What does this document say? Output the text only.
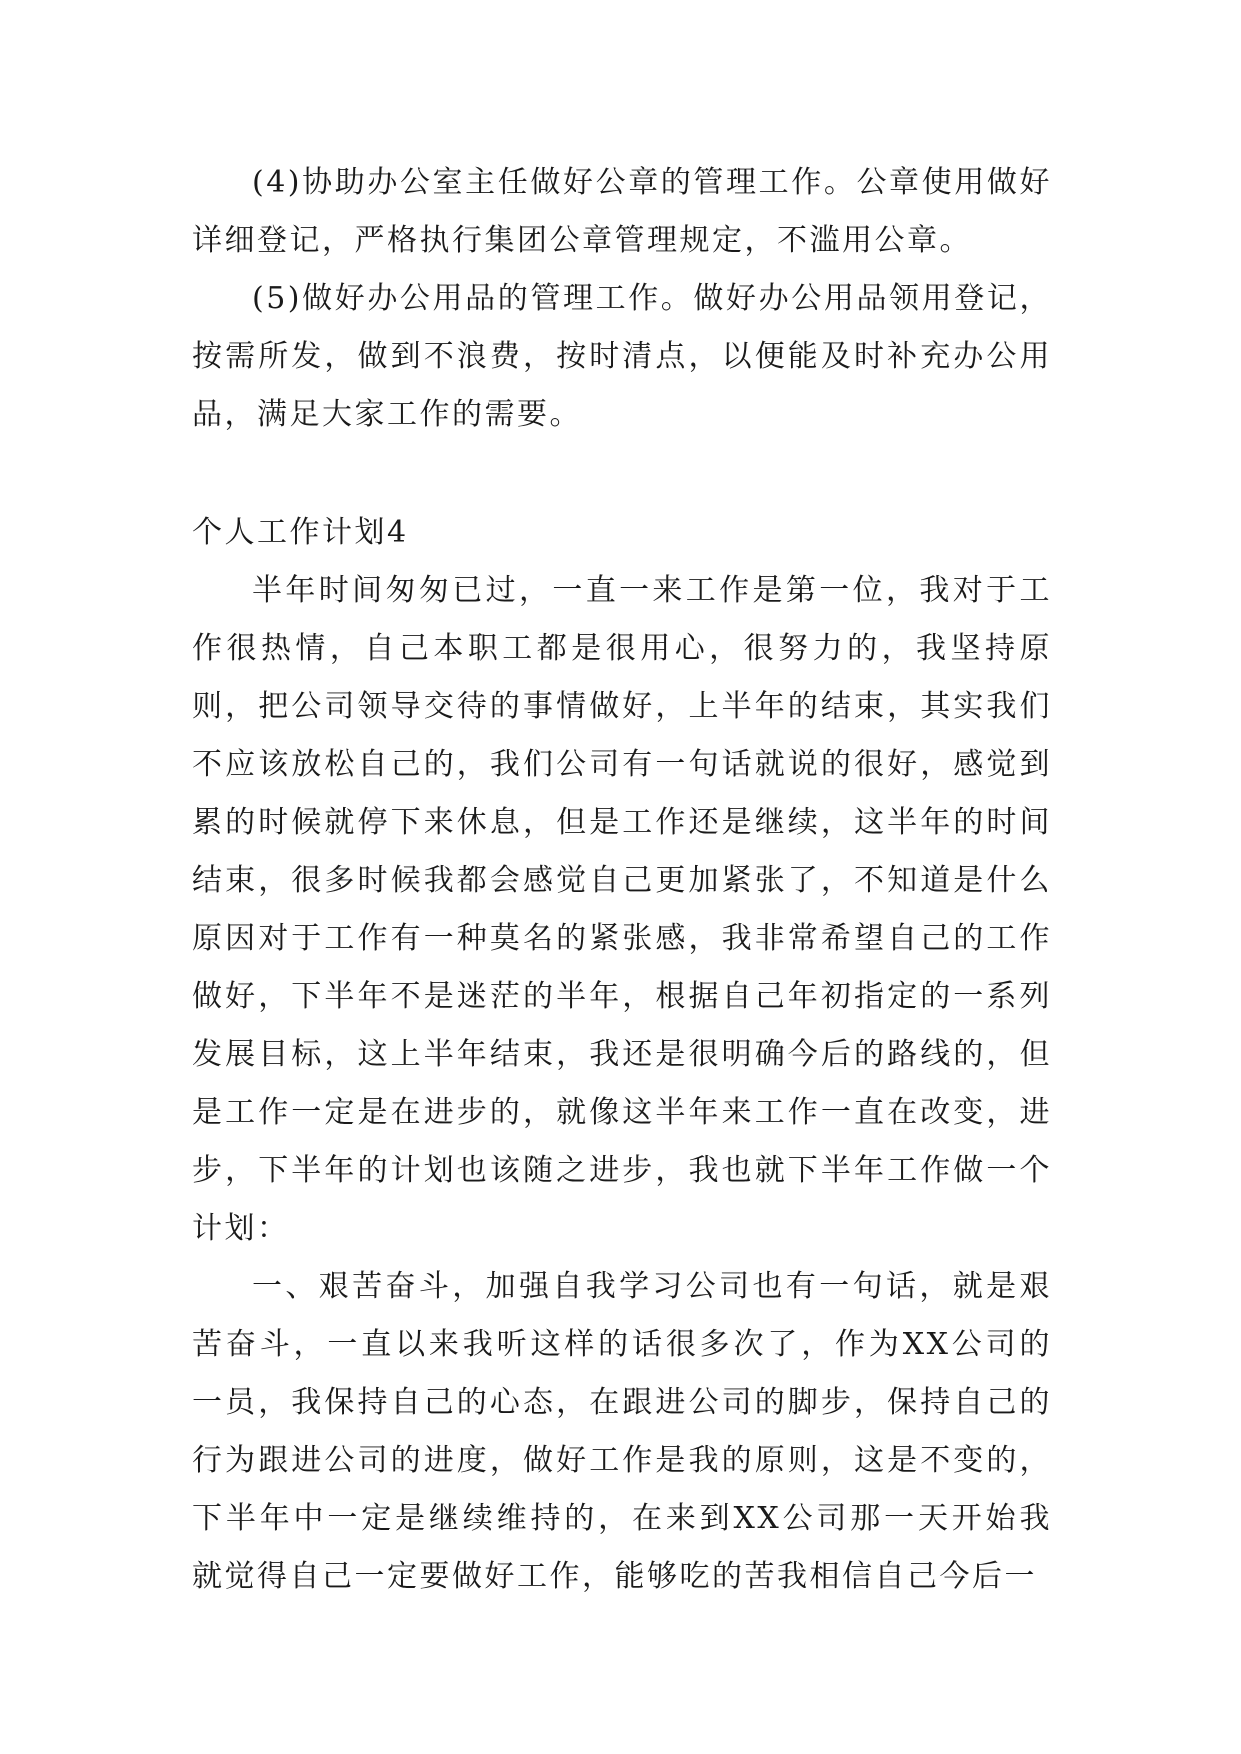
(4)协助办公室主任做好公章的管理工作。公章使用做好详细登记，严格执行集团公章管理规定，不滥用公章。

(5)做好办公用品的管理工作。做好办公用品领用登记，按需所发，做到不浪费，按时清点，以便能及时补充办公用品，满足大家工作的需要。

个人工作计划4

半年时间匆匆已过，一直一来工作是第一位，我对于工作很热情，自己本职工都是很用心，很努力的，我坚持原则，把公司领导交待的事情做好，上半年的结束，其实我们不应该放松自己的，我们公司有一句话就说的很好，感觉到累的时候就停下来休息，但是工作还是继续，这半年的时间结束，很多时候我都会感觉自己更加紧张了，不知道是什么原因对于工作有一种莫名的紧张感，我非常希望自己的工作做好，下半年不是迷茫的半年，根据自己年初指定的一系列发展目标，这上半年结束，我还是很明确今后的路线的，但是工作一定是在进步的，就像这半年来工作一直在改变，进步，下半年的计划也该随之进步，我也就下半年工作做一个计划：

一、艰苦奋斗，加强自我学习公司也有一句话，就是艰苦奋斗，一直以来我听这样的话很多次了，作为XX公司的一员，我保持自己的心态，在跟进公司的脚步，保持自己的行为跟进公司的进度，做好工作是我的原则，这是不变的，下半年中一定是继续维持的，在来到XX公司那一天开始我就觉得自己一定要做好工作，能够吃的苦我相信自己今后一
